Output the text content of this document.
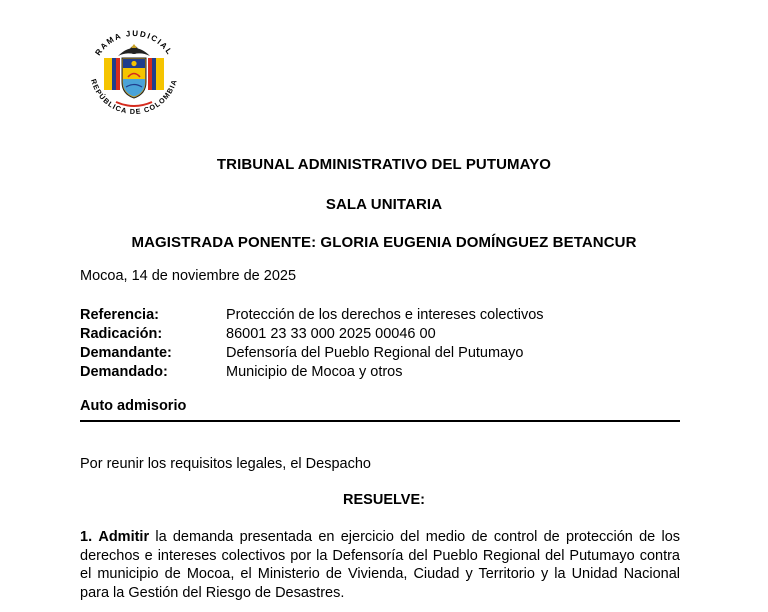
RAMA JUDICIAL
REPÚBLICA DE COLOMBIA
TRIBUNAL ADMINISTRATIVO DEL PUTUMAYO
SALA UNITARIA
MAGISTRADA PONENTE: GLORIA EUGENIA DOMÍNGUEZ BETANCUR
Mocoa, 14 de noviembre de 2025
Referencia:	Protección de los derechos e intereses colectivos
Radicación:	86001 23 33 000 2025 00046 00
Demandante:	Defensoría del Pueblo Regional del Putumayo
Demandado:	Municipio de Mocoa y otros
Auto admisorio
Por reunir los requisitos legales, el Despacho
RESUELVE:
1. Admitir la demanda presentada en ejercicio del medio de control de protección de los derechos e intereses colectivos por la Defensoría del Pueblo Regional del Putumayo contra el municipio de Mocoa, el Ministerio de Vivienda, Ciudad y Territorio y la Unidad Nacional para la Gestión del Riesgo de Desastres.
